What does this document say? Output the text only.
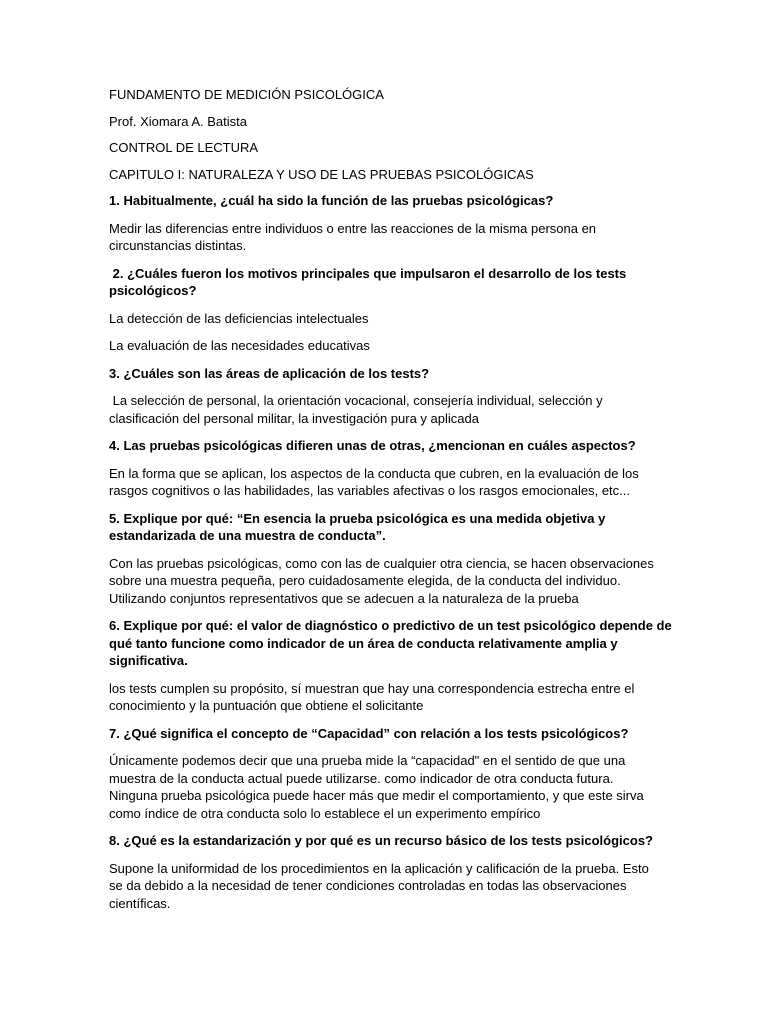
FUNDAMENTO DE MEDICIÓN PSICOLÓGICA
Prof. Xiomara A. Batista
CONTROL DE LECTURA
CAPITULO I: NATURALEZA Y USO DE LAS PRUEBAS PSICOLÓGICAS
1. Habitualmente, ¿cuál ha sido la función de las pruebas psicológicas?
Medir las diferencias entre individuos o entre las reacciones de la misma persona en
circunstancias distintas.
2. ¿Cuáles fueron los motivos principales que impulsaron el desarrollo de los tests
psicológicos?
La detección de las deficiencias intelectuales
La evaluación de las necesidades educativas
3. ¿Cuáles son las áreas de aplicación de los tests?
La selección de personal, la orientación vocacional, consejería individual, selección y
clasificación del personal militar, la investigación pura y aplicada
4. Las pruebas psicológicas difieren unas de otras, ¿mencionan en cuáles aspectos?
En la forma que se aplican, los aspectos de la conducta que cubren, en la evaluación de los
rasgos cognitivos o las habilidades, las variables afectivas o los rasgos emocionales, etc...
5. Explique por qué: “En esencia la prueba psicológica es una medida objetiva y
estandarizada de una muestra de conducta”.
Con las pruebas psicológicas, como con las de cualquier otra ciencia, se hacen observaciones
sobre una muestra pequeña, pero cuidadosamente elegida, de la conducta del individuo.
Utilizando conjuntos representativos que se adecuen a la naturaleza de la prueba
6. Explique por qué: el valor de diagnóstico o predictivo de un test psicológico depende de
qué tanto funcione como indicador de un área de conducta relativamente amplia y
significativa.
los tests cumplen su propósito, sí muestran que hay una correspondencia estrecha entre el
conocimiento y la puntuación que obtiene el solicitante
7. ¿Qué significa el concepto de “Capacidad” con relación a los tests psicológicos?
Únicamente podemos decir que una prueba mide la “capacidad" en el sentido de que una
muestra de la conducta actual puede utilizarse. como indicador de otra conducta futura.
Ninguna prueba psicológica puede hacer más que medir el comportamiento, y que este sirva
como índice de otra conducta solo lo establece el un experimento empírico
8. ¿Qué es la estandarización y por qué es un recurso básico de los tests psicológicos?
Supone la uniformidad de los procedimientos en la aplicación y calificación de la prueba. Esto
se da debido a la necesidad de tener condiciones controladas en todas las observaciones
científicas.
